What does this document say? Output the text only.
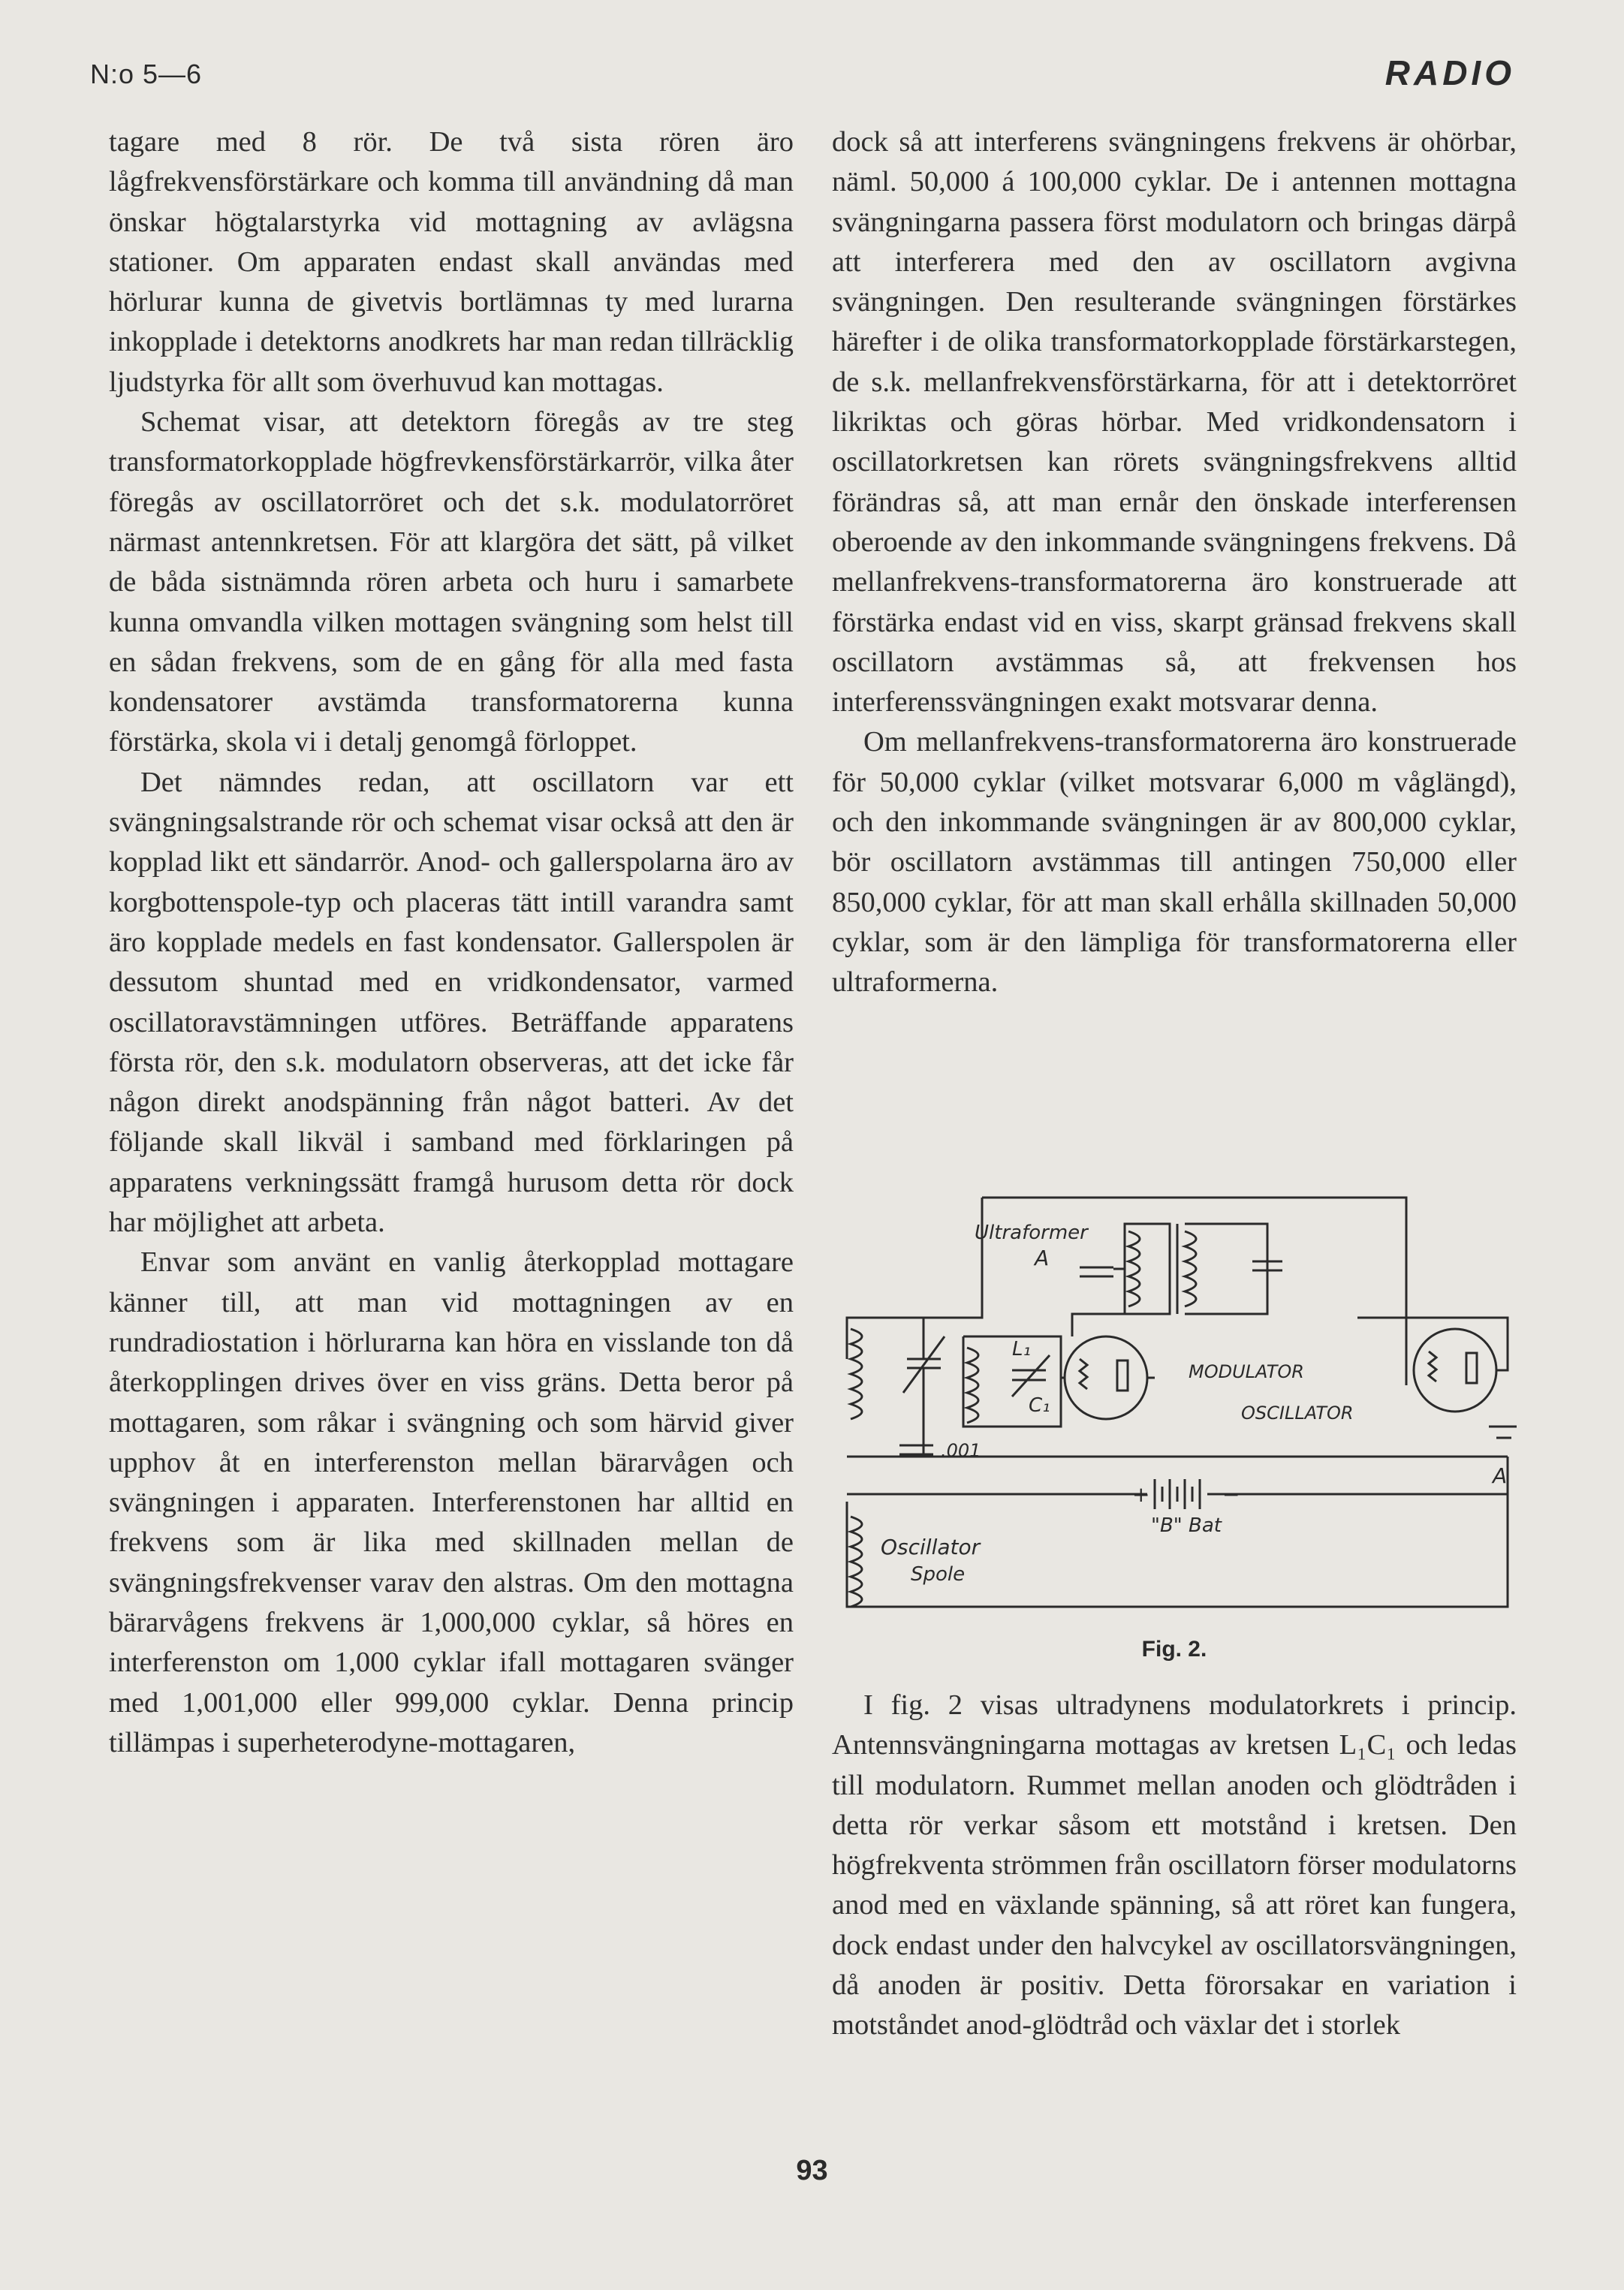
N:o 5—6	RADIO

tagare med 8 rör. De två sista rören äro lågfrekvensförstärkare och komma till användning då man önskar högtalarstyrka vid mottagning av avlägsna stationer. Om apparaten endast skall användas med hörlurar kunna de givetvis bortlämnas ty med lurarna inkopplade i detektorns anodkrets har man redan tillräcklig ljudstyrka för allt som överhuvud kan mottagas.

Schemat visar, att detektorn föregås av tre steg transformatorkopplade högfrevkensförstärkarrör, vilka åter föregås av oscillatorröret och det s.k. modulatorröret närmast antennkretsen. För att klargöra det sätt, på vilket de båda sistnämnda rören arbeta och huru i samarbete kunna omvandla vilken mottagen svängning som helst till en sådan frekvens, som de en gång för alla med fasta kondensatorer avstämda transformatorerna kunna förstärka, skola vi i detalj genomgå förloppet.

Det nämndes redan, att oscillatorn var ett svängningsalstrande rör och schemat visar också att den är kopplad likt ett sändarrör. Anod- och gallerspolarna äro av korgbottenspole-typ och placeras tätt intill varandra samt äro kopplade medels en fast kondensator. Gallerspolen är dessutom shuntad med en vridkondensator, varmed oscillatoravstämningen utföres. Beträffande apparatens första rör, den s.k. modulatorn observeras, att det icke får någon direkt anodspänning från något batteri. Av det följande skall likväl i samband med förklaringen på apparatens verkningssätt framgå hurusom detta rör dock har möjlighet att arbeta.

Envar som använt en vanlig återkopplad mottagare känner till, att man vid mottagningen av en rundradiostation i hörlurarna kan höra en visslande ton då återkopplingen drives över en viss gräns. Detta beror på mottagaren, som råkar i svängning och som härvid giver upphov åt en interferenston mellan bärarvågen och svängningen i apparaten. Interferenstonen har alltid en frekvens som är lika med skillnaden mellan de svängningsfrekvenser varav den alstras. Om den mottagna bärarvågens frekvens är 1,000,000 cyklar, så höres en interferenston om 1,000 cyklar ifall mottagaren svänger med 1,001,000 eller 999,000 cyklar. Denna princip tillämpas i superheterodyne-mottagaren,

dock så att interferens svängningens frekvens är ohörbar, näml. 50,000 á 100,000 cyklar. De i antennen mottagna svängningarna passera först modulatorn och bringas därpå att interferera med den av oscillatorn avgivna svängningen. Den resulterande svängningen förstärkes härefter i de olika transformatorkopplade förstärkarstegen, de s.k. mellanfrekvensförstärkarna, för att i detektorröret likriktas och göras hörbar. Med vridkondensatorn i oscillatorkretsen kan rörets svängningsfrekvens alltid förändras så, att man ernår den önskade interferensen oberoende av den inkommande svängningens frekvens. Då mellanfrekvens-transformatorerna äro konstruerade att förstärka endast vid en viss, skarpt gränsad frekvens skall oscillatorn avstämmas så, att frekvensen hos interferenssvängningen exakt motsvarar denna.

Om mellanfrekvens-transformatorerna äro konstruerade för 50,000 cyklar (vilket motsvarar 6,000 m våglängd), och den inkommande svängningen är av 800,000 cyklar, bör oscillatorn avstämmas till antingen 750,000 eller 850,000 cyklar, för att man skall erhålla skillnaden 50,000 cyklar, som är den lämpliga för transformatorerna eller ultraformerna.

Ultraformer
A
L₁
C₁
MODULATOR
OSCILLATOR
.001
"B" Bat
+	−
A
Oscillator
Spole
Fig. 2.

I fig. 2 visas ultradynens modulatorkrets i princip. Antennsvängningarna mottagas av kretsen L₁C₁ och ledas till modulatorn. Rummet mellan anoden och glödtråden i detta rör verkar såsom ett motstånd i kretsen. Den högfrekventa strömmen från oscillatorn förser modulatorns anod med en växlande spänning, så att röret kan fungera, dock endast under den halvcykel av oscillatorsvängningen, då anoden är positiv. Detta förorsakar en variation i motståndet anod-glödtråd och växlar det i storlek

93
